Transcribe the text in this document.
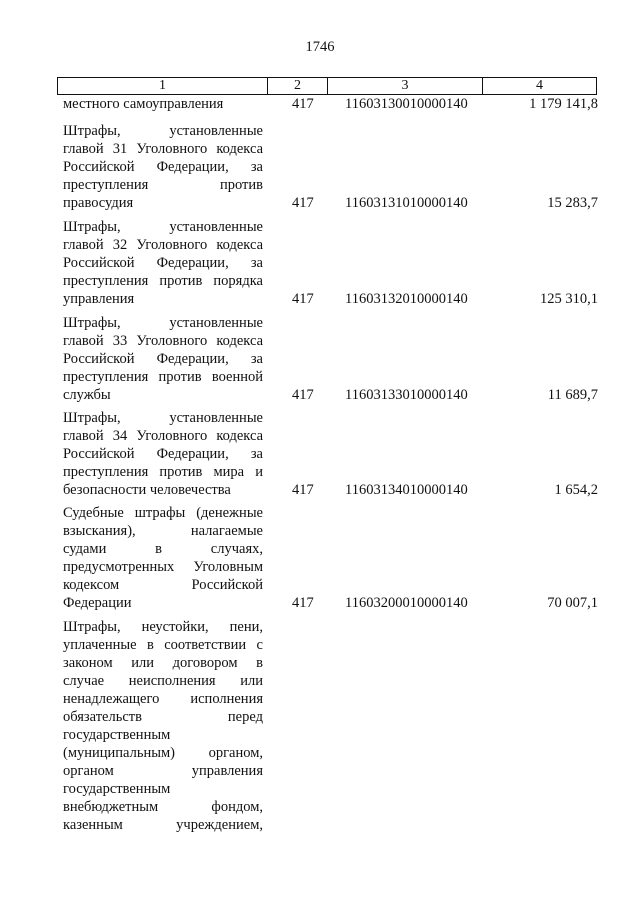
1746
1	2	3	4
местного самоуправления	417 11603130010000140	1 179 141,8
Штрафы, установленные
главой 31 Уголовного кодекса
Российской Федерации, за
преступления против
правосудия	417 11603131010000140	15 283,7
Штрафы, установленные
главой 32 Уголовного кодекса
Российской Федерации, за
преступления против порядка
управления	417 11603132010000140	125 310,1
Штрафы, установленные
главой 33 Уголовного кодекса
Российской Федерации, за
преступления против военной
службы	417 11603133010000140	11 689,7
Штрафы, установленные
главой 34 Уголовного кодекса
Российской Федерации, за
преступления против мира и
безопасности человечества	417 11603134010000140	1 654,2
Судебные штрафы (денежные
взыскания), налагаемые
судами в случаях,
предусмотренных Уголовным
кодексом Российской
Федерации	417 11603200010000140	70 007,1
Штрафы, неустойки, пени,
уплаченные в соответствии с
законом или договором в
случае неисполнения или
ненадлежащего исполнения
обязательств перед
государственным
(муниципальным) органом,
органом управления
государственным
внебюджетным фондом,
казенным учреждением,
